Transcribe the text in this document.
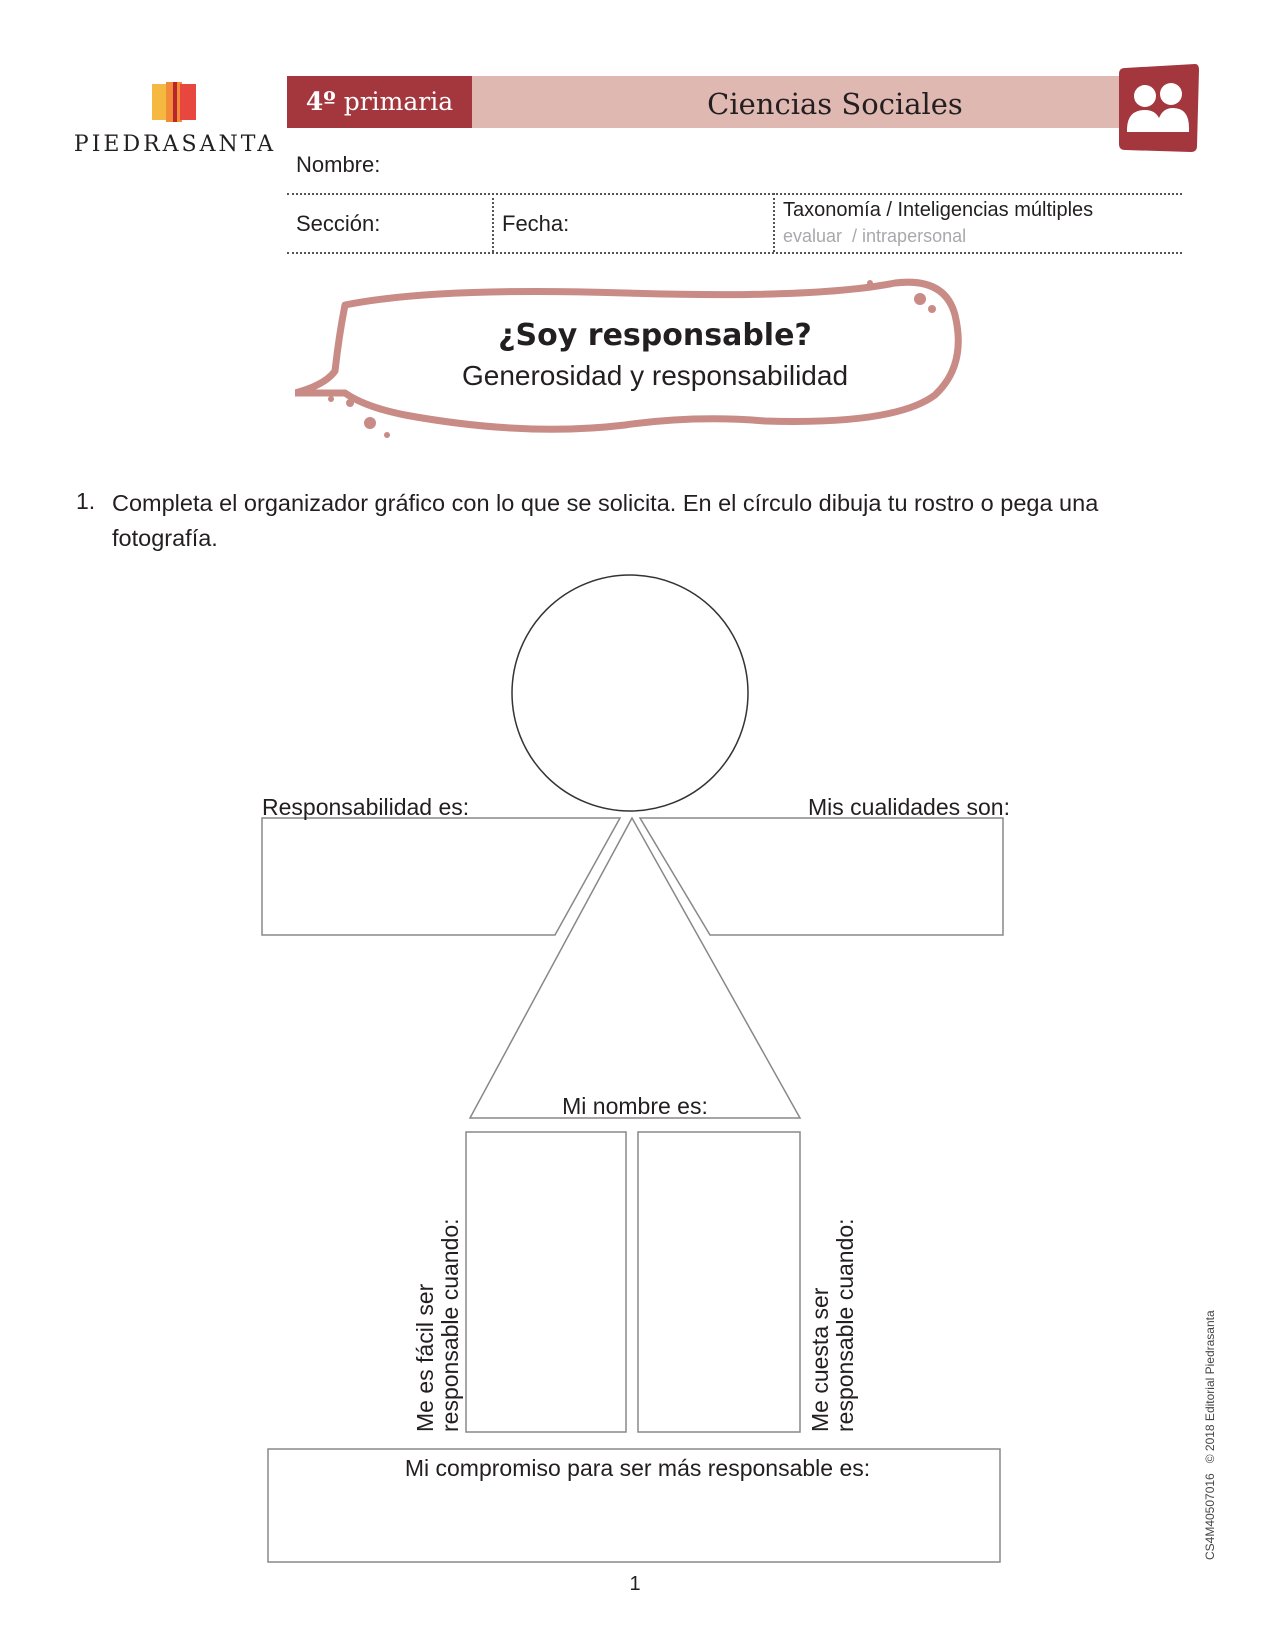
PIEDRASANTA
4º primaria	Ciencias Sociales
Nombre:
Sección:	Fecha:
Taxonomía / Inteligencias múltiples
evaluar  / intrapersonal
¿Soy responsable?
Generosidad y responsabilidad
1. Completa el organizador gráfico con lo que se solicita. En el círculo dibuja tu rostro o pega una fotografía.
Responsabilidad es:	Mis cualidades son:
Mi nombre es:
Mi compromiso para ser más responsable es:
Me es fácil ser responsable cuando:	Me cuesta ser responsable cuando:
1
CS4M40507016   © 2018 Editorial Piedrasanta
